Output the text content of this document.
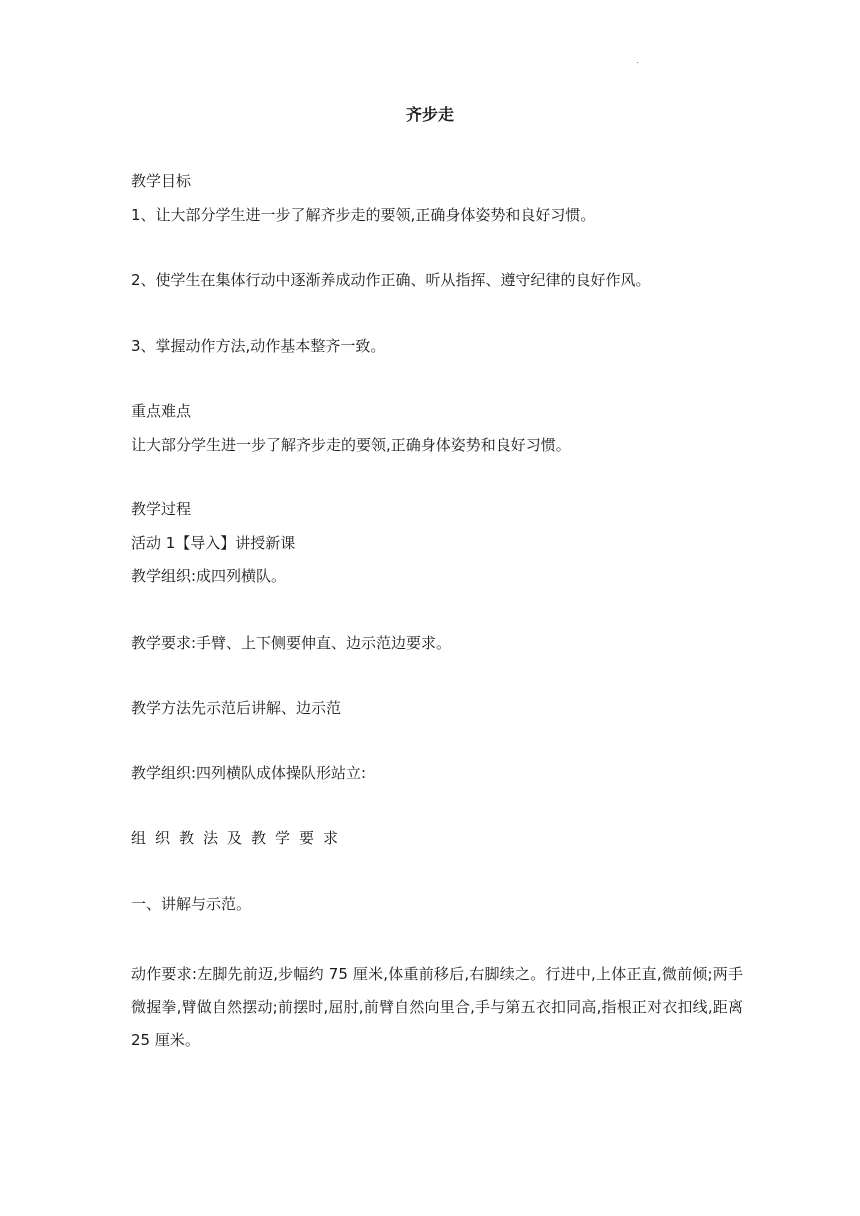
.
齐步走
教学目标
1、让大部分学生进一步了解齐步走的要领,正确身体姿势和良好习惯。
2、使学生在集体行动中逐渐养成动作正确、听从指挥、遵守纪律的良好作风。
3、掌握动作方法,动作基本整齐一致。
重点难点
让大部分学生进一步了解齐步走的要领,正确身体姿势和良好习惯。
教学过程
活动 1【导入】讲授新课
教学组织:成四列横队。
教学要求:手臂、上下侧要伸直、边示范边要求。
教学方法先示范后讲解、边示范
教学组织:四列横队成体操队形站立:
组织教法及教学要求
一、讲解与示范。
动作要求:左脚先前迈,步幅约 75 厘米,体重前移后,右脚续之。行进中,上体正直,微前倾;两手微握拳,臂做自然摆动;前摆时,屈肘,前臂自然向里合,手与第五衣扣同高,指根正对衣扣线,距离 25 厘米。
